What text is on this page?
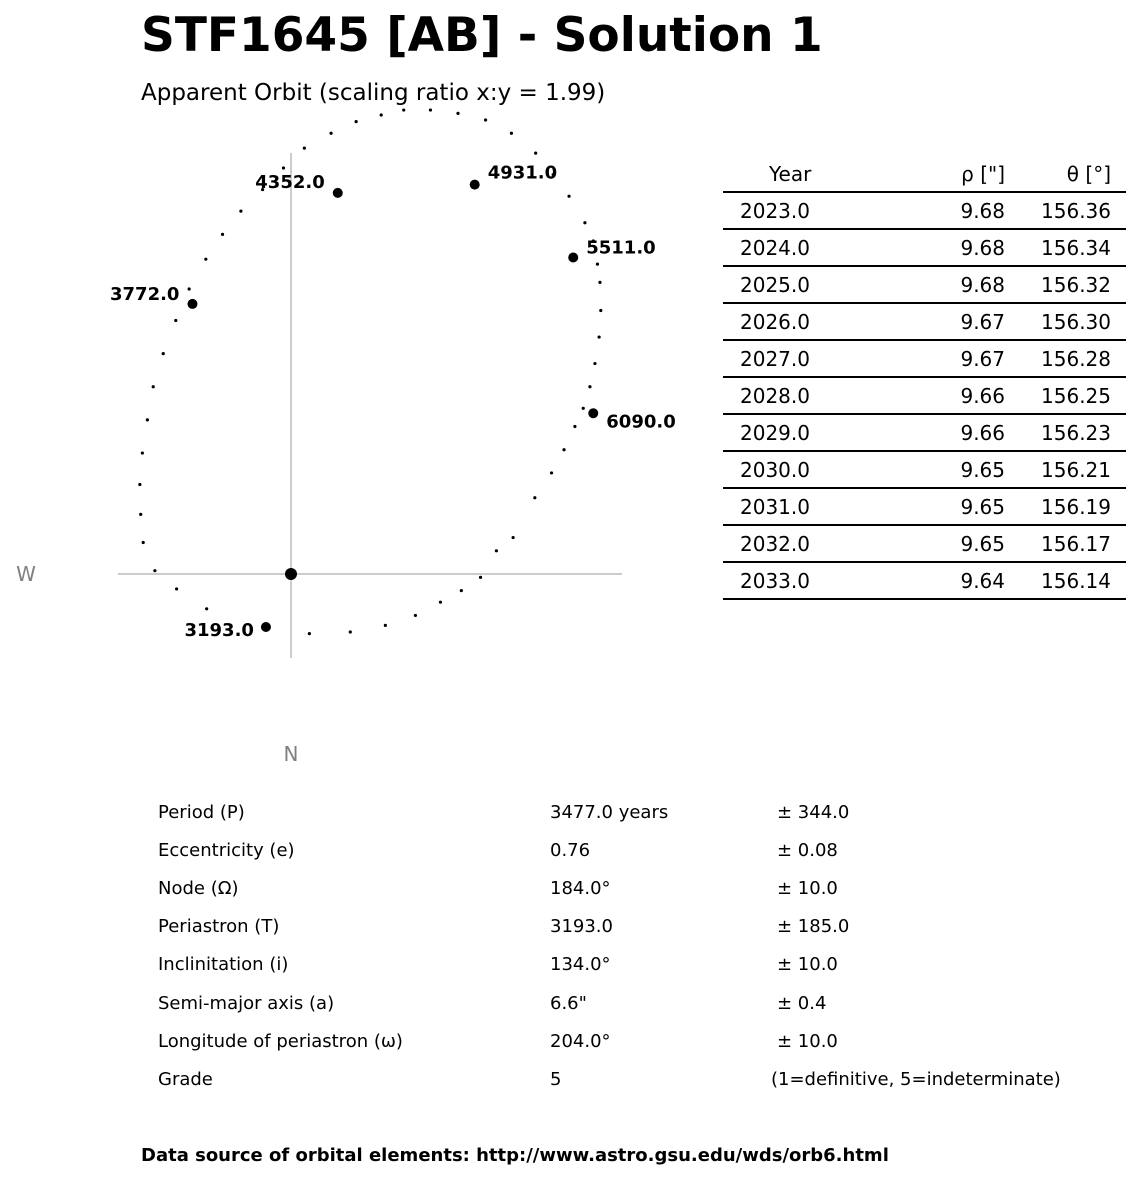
STF1645 [AB] - Solution 1
Apparent Orbit (scaling ratio x:y = 1.99)
W
N
3193.0
3772.0
4352.0	4931.0
5511.0
6090.0
Year	ρ ["]	θ [°]
2023.0	9.68	156.36
2024.0	9.68	156.34
2025.0	9.68	156.32
2026.0	9.67	156.30
2027.0	9.67	156.28
2028.0	9.66	156.25
2029.0	9.66	156.23
2030.0	9.65	156.21
2031.0	9.65	156.19
2032.0	9.65	156.17
2033.0	9.64	156.14
Period (P)	3477.0 years	± 344.0
Eccentricity (e)	0.76	± 0.08
Node (Ω)	184.0°	± 10.0
Periastron (T)	3193.0	± 185.0
Inclinitation (i)	134.0°	± 10.0
Semi-major axis (a)	6.6"	± 0.4
Longitude of periastron (ω)	204.0°	± 10.0
Grade	5	(1=definitive, 5=indeterminate)
Data source of orbital elements: http://www.astro.gsu.edu/wds/orb6.html
